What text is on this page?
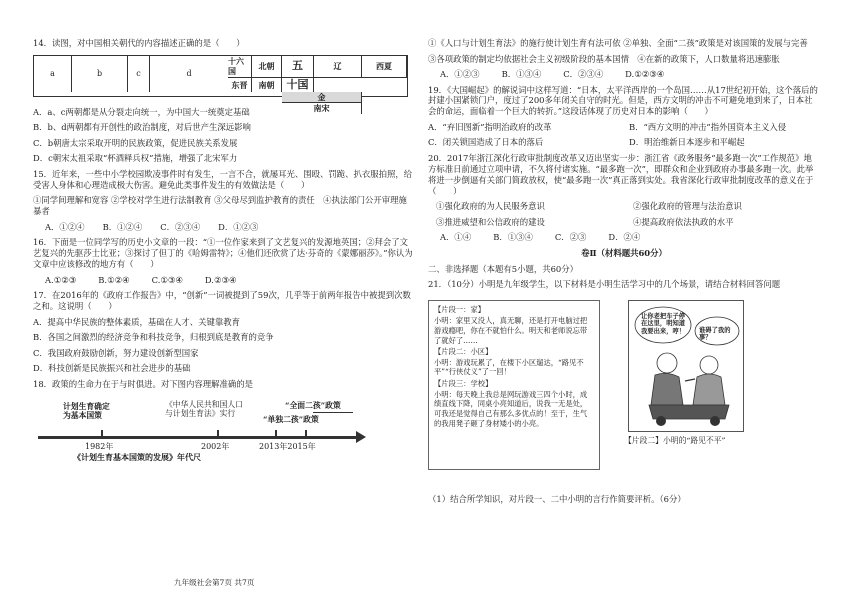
14．读图，对中国相关朝代的内容描述正确的是（　　）

十六国
北朝
a	b
五
c
辽	西夏
d
东晋	南朝	十国
金
南宋

A．a、c两朝都是从分裂走向统一，为中国大一统奠定基础

B．b、d两朝都有开创性的政治制度，对后世产生深远影响

C．b朝唐太宗采取开明的民族政策，促进民族关系发展

D．c朝宋太祖采取“杯酒释兵权”措施，增强了北宋军力

15．近年来，一些中小学校园欺凌事件时有发生，一言不合，就屡耳光、围殴、罚跪、扒衣服拍照，给受害人身体和心理造成极大伤害。避免此类事件发生的有效做法是（　　）

①同学间理解和宽容 ②学校对学生进行法制教育 ③父母尽到监护教育的责任　④执法部门公开审理施暴者

A．①②④ B．①②④ C．②③④ D．①②③

16．下面是一位同学写的历史小文章的一段：“①一位作家来到了文艺复兴的发源地英国；②拜会了文艺复兴的先驱莎士比亚；③探讨了但丁的《哈姆雷特》；④他们还欣赏了达·芬奇的《蒙娜丽莎》。”你认为文章中应该修改的地方有（　　）

A.①②③	B.①②④	C.①③④	D.②③④

17．在2016年的《政府工作报告》中，“创新”一词被提到了59次，几乎等于前两年报告中被提到次数之和。这说明（　　）

A．提高中华民族的整体素质，基础在人才、关键靠教育

B．各国之间激烈的经济竞争和科技竞争，归根到底是教育的竞争

C．我国政府鼓励创新，努力建设创新型国家

D．科技创新是民族振兴和社会进步的基础

18．政策的生命力在于与时俱进。对下图内容理解准确的是

计划生育确定
为基本国策
《中华人民共和国人口
与计划生育法》实行
“全面二孩”政策
“单独二孩”政策
1982年	2002年	2013年2015年
《计划生育基本国策的发展》年代尺

①《人口与计划生育法》的施行使计划生育有法可依 ②单独、全面“二孩”政策是对该国策的发展与完善

③各项政策的制定均依据社会主义初级阶段的基本国情　④在新的政策下，人口数量将迅速膨胀

A．①②③	B．①③④	C．②③④	D.①②③④

19．《大国崛起》的解说词中这样写道：“日本，太平洋西岸的一个岛国……从17世纪初开始，这个落后的封建小国紧锁门户，度过了200多年闭关自守的时光。但是，西方文明的冲击不可避免地到来了，日本社会的命运，面临着一个巨大的转折。”这段话体现了历史对日本的影响（　　）

A．“弃旧图新”指明治政府的改革	B．“西方文明的冲击”指外国资本主义入侵

C．闭关锁国造成了日本的落后	D．明治维新日本逐步和平崛起

20．2017年浙江深化行政审批制度改革又迈出坚实一步：浙江省《政务服务“最多跑一次”工作规范》地方标准日前通过立项申请，不久将付诸实施。“最多跑一次”，即群众和企业到政府办事最多跑一次。此举将进一步倒逼有关部门简政放权，使“最多跑一次”真正落到实处。我省深化行政审批制度改革的意义在于（　　）

①强化政府的为人民服务意识	②强化政府的管理与法治意识

③推进威望和公信政府的建设	④提高政府依法执政的水平

A．①④	B．①③④	C．②③	D．②④
卷Ⅱ（材料题共60分）

二、非选择题（本题有5小题，共60分）

21．（10分）小明是九年级学生，以下材料是小明生活学习中的几个场景，请结合材料回答问题

【片段一：家】

小明：家里又没人，真无聊，还是打开电脑过把游戏瘾吧，你在不就怕什么。明天和老师说忘带了就好了……

【片段二：小区】

小明：游戏玩累了，在楼下小区遛达，“路见不平”“行侠仗义”了一回！

【片段三：学校】

小明：每天晚上我总是网玩游戏三四个小时，成绩直线下降，同桌小亮知道后，说我一无是处，可我还是觉得自己有那么多优点的！至于，生气的我用凳子砸了身材矮小的小亮。

让你老把车子停在这里，明知道我要出来，哼！	谁碍了我的事？
【片段二】小明的“路见不平”

（1）结合所学知识，对片段一、二中小明的言行作简要评析。（6分）

九年级社会第7页 共7页
